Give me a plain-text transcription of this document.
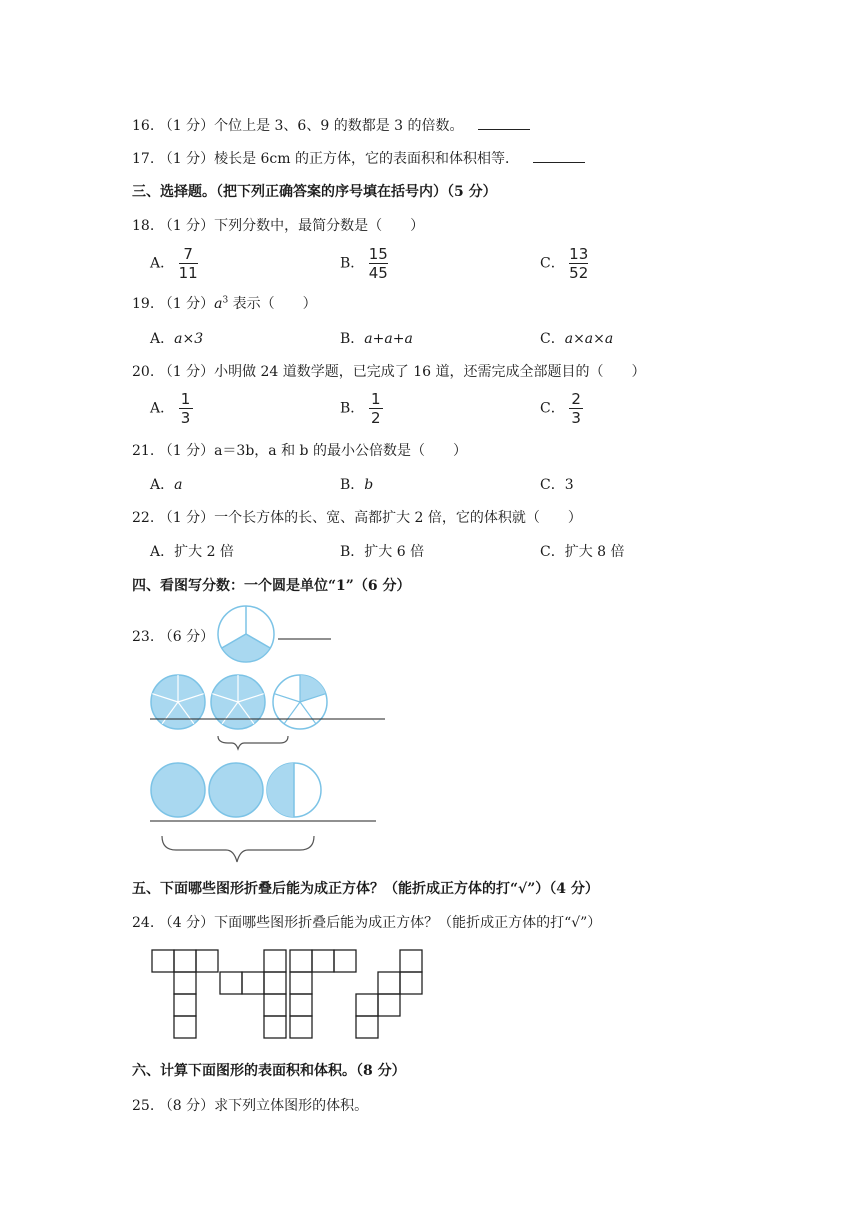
16. （1 分）个位上是 3、6、9 的数都是 3 的倍数。
17. （1 分）棱长是 6cm 的正方体，它的表面积和体积相等．
三、选择题。（把下列正确答案的序号填在括号内）（5 分）
18. （1 分）下列分数中，最简分数是（　　）
A． $\frac{7}{11}$	B． $\frac{15}{45}$	C． $\frac{13}{52}$
19. （1 分）$a^3$ 表示（　　）
A．a×3	B．a+a+a	C．a×a×a
20. （1 分）小明做 24 道数学题，已完成了 16 道，还需完成全部题目的（　　）
A． $\frac{1}{3}$	B． $\frac{1}{2}$	C． $\frac{2}{3}$
21. （1 分）a＝3b，a 和 b 的最小公倍数是（　　）
A．a	B．b	C．3
22. （1 分）一个长方体的长、宽、高都扩大 2 倍，它的体积就（　　）
A．扩大 2 倍	B．扩大 6 倍	C．扩大 8 倍
四、看图写分数：一个圆是单位“1”（6 分）
23. （6 分）
五、下面哪些图形折叠后能为成正方体？（能折成正方体的打“√”）（4 分）
24. （4 分）下面哪些图形折叠后能为成正方体？（能折成正方体的打“√”）
六、计算下面图形的表面积和体积。（8 分）
25. （8 分）求下列立体图形的体积。
